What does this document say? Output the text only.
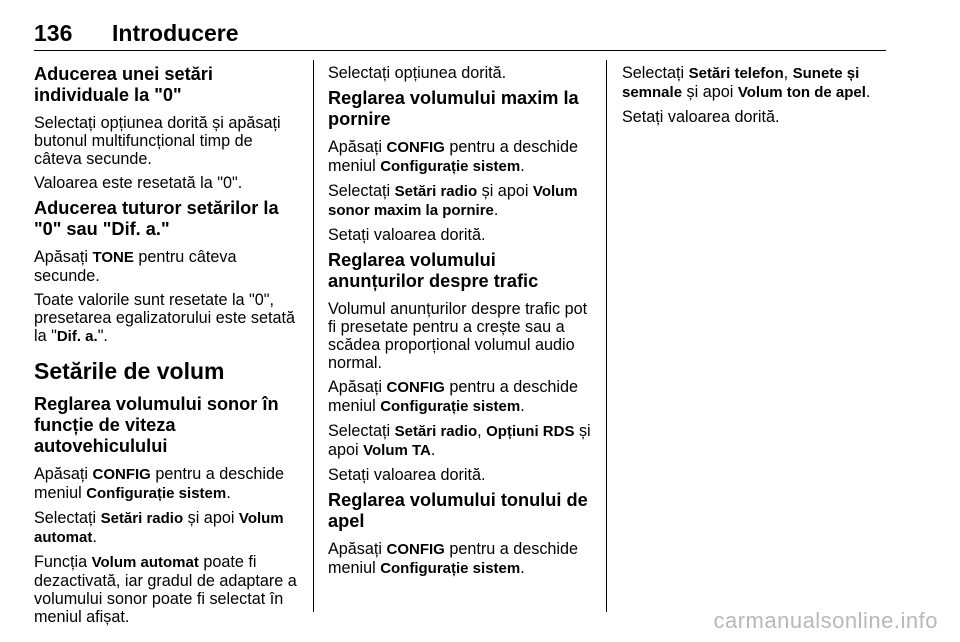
136 Introducere
Aducerea unei setări individuale la "0"

Selectați opțiunea dorită și apăsați butonul multifuncțional timp de câteva secunde.

Valoarea este resetată la "0".

Aducerea tuturor setărilor la "0" sau "Dif. a."

Apăsați TONE pentru câteva secunde.

Toate valorile sunt resetate la "0", presetarea egalizatorului este setată la "Dif. a.".

Setările de volum
Reglarea volumului sonor în funcție de viteza autovehiculului

Apăsați CONFIG pentru a deschide meniul Configurație sistem.

Selectați Setări radio și apoi Volum automat.

Funcția Volum automat poate fi dezactivată, iar gradul de adaptare a volumului sonor poate fi selectat în meniul afișat.

Selectați opțiunea dorită.

Reglarea volumului maxim la pornire

Apăsați CONFIG pentru a deschide meniul Configurație sistem.

Selectați Setări radio și apoi Volum sonor maxim la pornire.

Setați valoarea dorită.

Reglarea volumului anunțurilor despre trafic

Volumul anunțurilor despre trafic pot fi presetate pentru a crește sau a scădea proporțional volumul audio normal.

Apăsați CONFIG pentru a deschide meniul Configurație sistem.

Selectați Setări radio, Opțiuni RDS și apoi Volum TA.

Setați valoarea dorită.

Reglarea volumului tonului de apel

Apăsați CONFIG pentru a deschide meniul Configurație sistem.

Selectați Setări telefon, Sunete și semnale și apoi Volum ton de apel.

Setați valoarea dorită.

carmanualsonline.info
